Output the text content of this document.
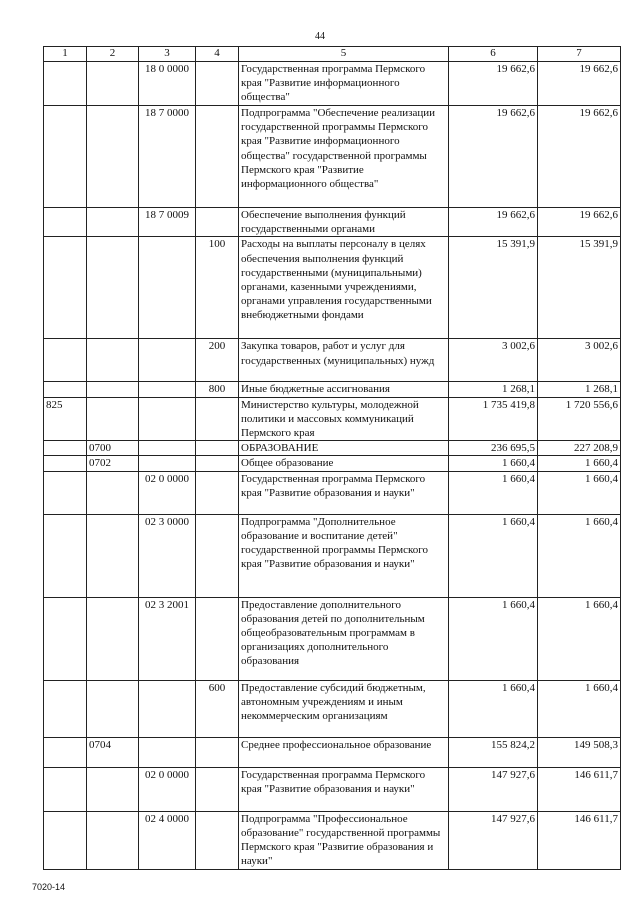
44
1	2	3	4	5	6	7
		18 0 0000		Государственная программа Пермского края "Развитие информационного общества"	19 662,6	19 662,6
		18 7 0000		Подпрограмма "Обеспечение реализации государственной программы Пермского края "Развитие информационного общества" государственной программы Пермского края "Развитие информационного общества"	19 662,6	19 662,6
		18 7 0009		Обеспечение выполнения функций государственными органами	19 662,6	19 662,6
			100	Расходы на выплаты персоналу в целях обеспечения выполнения функций государственными (муниципальными) органами, казенными учреждениями, органами управления государственными внебюджетными фондами	15 391,9	15 391,9
			200	Закупка товаров, работ и услуг для государственных (муниципальных) нужд	3 002,6	3 002,6
			800	Иные бюджетные ассигнования	1 268,1	1 268,1
825				Министерство культуры, молодежной политики и массовых коммуникаций Пермского края	1 735 419,8	1 720 556,6
	0700			ОБРАЗОВАНИЕ	236 695,5	227 208,9
	0702			Общее образование	1 660,4	1 660,4
		02 0 0000		Государственная программа Пермского края "Развитие образования и науки"	1 660,4	1 660,4
		02 3 0000		Подпрограмма "Дополнительное образование и воспитание детей" государственной программы Пермского края "Развитие образования и науки"	1 660,4	1 660,4
		02 3 2001		Предоставление дополнительного образования детей по дополнительным общеобразовательным программам в организациях дополнительного образования	1 660,4	1 660,4
			600	Предоставление субсидий бюджетным, автономным учреждениям и иным некоммерческим организациям	1 660,4	1 660,4
	0704			Среднее профессиональное образование	155 824,2	149 508,3
		02 0 0000		Государственная программа Пермского края "Развитие образования и науки"	147 927,6	146 611,7
		02 4 0000		Подпрограмма "Профессиональное образование" государственной программы Пермского края "Развитие образования и науки"	147 927,6	146 611,7
7020-14
